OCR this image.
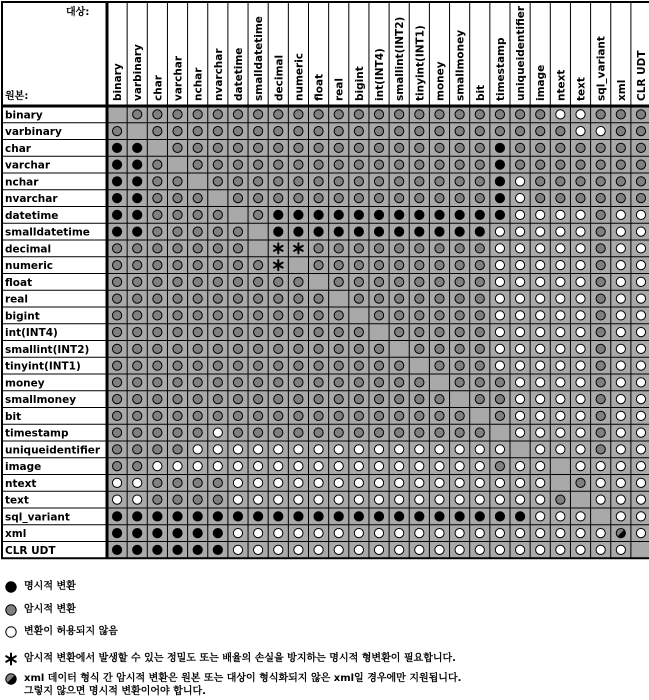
대상:
원본:	binary varbinary char varchar nchar nvarchar datetime smalldatetime decimal numeric float real bigint int(INT4) smallint(INT2) tinyint(INT1) money smallmoney bit timestamp uniqueidentifier image ntext text sql_variant xml CLR UDT
binary
varbinary
char
varchar
nchar
nvarchar
datetime
smalldatetime
decimal
numeric
float
real
bigint
int(INT4)
smallint(INT2)
tinyint(INT1)
money
smallmoney
bit
timestamp
uniqueidentifier
image
ntext
text
sql_variant
xml
CLR UDT
명시적 변환
암시적 변환
변환이 허용되지 않음
암시적 변환에서 발생할 수 있는 정밀도 또는 배율의 손실을 방지하는 명시적 형변환이 필요합니다.
xml 데이터 형식 간 암시적 변환은 원본 또는 대상이 형식화되지 않은 xml일 경우에만 지원됩니다.
그렇지 않으면 명시적 변환이어야 합니다.
